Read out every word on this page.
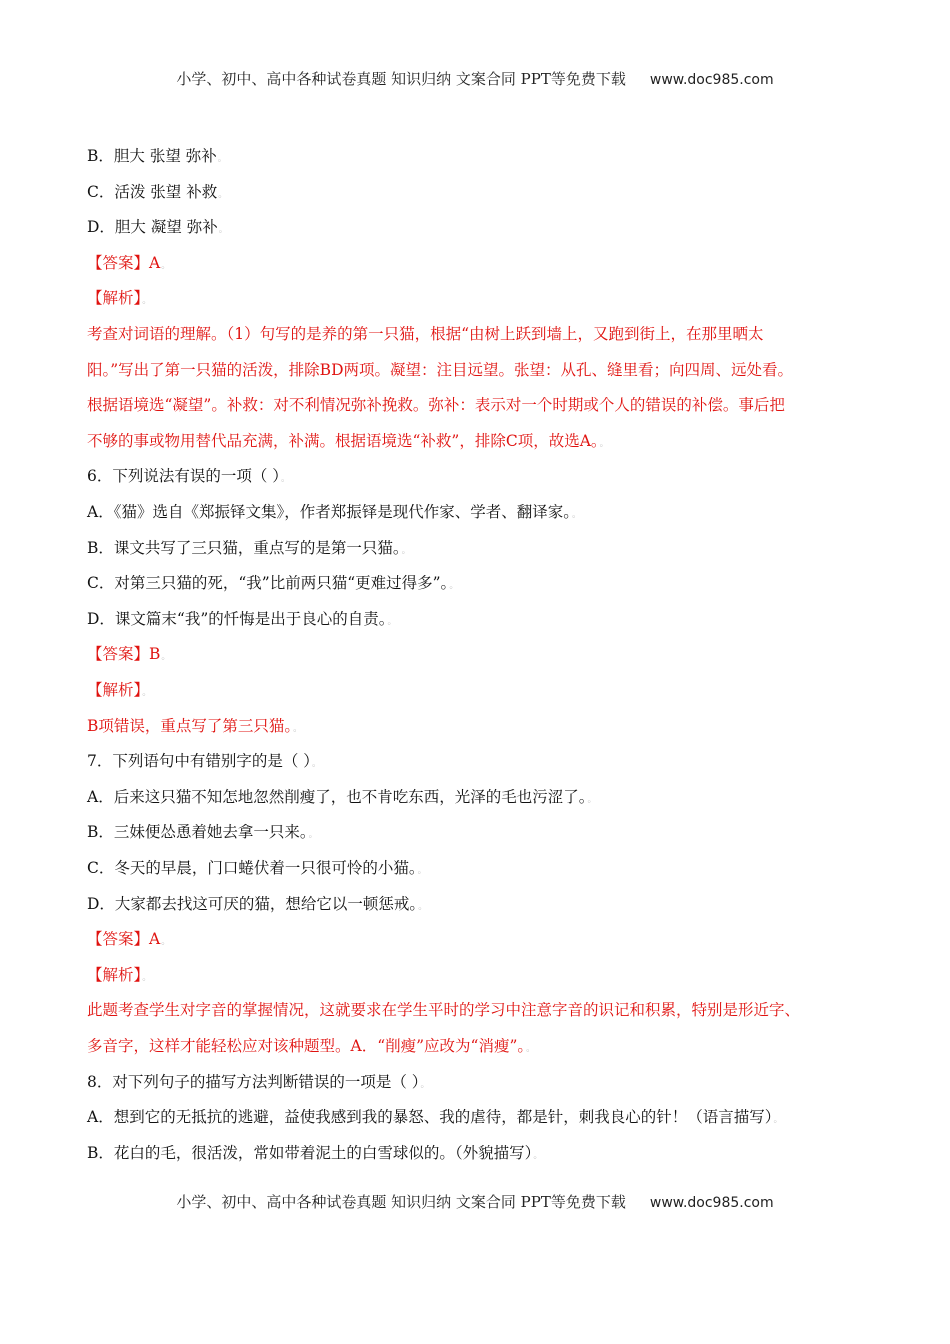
小学、初中、高中各种试卷真题 知识归纳 文案合同 PPT等免费下载 www.doc985.com
B．胆大 张望 弥补。
C．活泼 张望 补救。
D．胆大 凝望 弥补。
【答案】A。
【解析】。
考查对词语的理解。（1）句写的是养的第一只猫，根据“由树上跃到墙上，又跑到街上，在那里晒太
阳。”写出了第一只猫的活泼，排除BD两项。凝望：注目远望。张望：从孔、缝里看；向四周、远处看。
根据语境选“凝望”。补救：对不利情况弥补挽救。弥补：表示对一个时期或个人的错误的补偿。事后把
不够的事或物用替代品充满，补满。根据语境选“补救”，排除C项，故选A。。
6．下列说法有误的一项（ ）。
A．《猫》选自《郑振铎文集》，作者郑振铎是现代作家、学者、翻译家。。
B．课文共写了三只猫，重点写的是第一只猫。。
C．对第三只猫的死，“我”比前两只猫“更难过得多”。。
D．课文篇末“我”的忏悔是出于良心的自责。。
【答案】B。
【解析】。
B项错误，重点写了第三只猫。。
7．下列语句中有错别字的是（ ）。
A．后来这只猫不知怎地忽然削瘦了，也不肯吃东西，光泽的毛也污涩了。。
B．三妹便怂恿着她去拿一只来。。
C．冬天的早晨，门口蜷伏着一只很可怜的小猫。。
D．大家都去找这可厌的猫，想给它以一顿惩戒。。
【答案】A。
【解析】。
此题考查学生对字音的掌握情况，这就要求在学生平时的学习中注意字音的识记和积累，特别是形近字、
多音字，这样才能轻松应对该种题型。A．“削瘦”应改为“消瘦”。。
8．对下列句子的描写方法判断错误的一项是（ ）。
A．想到它的无抵抗的逃避，益使我感到我的暴怒、我的虐待，都是针，刺我良心的针！（语言描写）。
B．花白的毛，很活泼，常如带着泥土的白雪球似的。（外貌描写）。
小学、初中、高中各种试卷真题 知识归纳 文案合同 PPT等免费下载 www.doc985.com
